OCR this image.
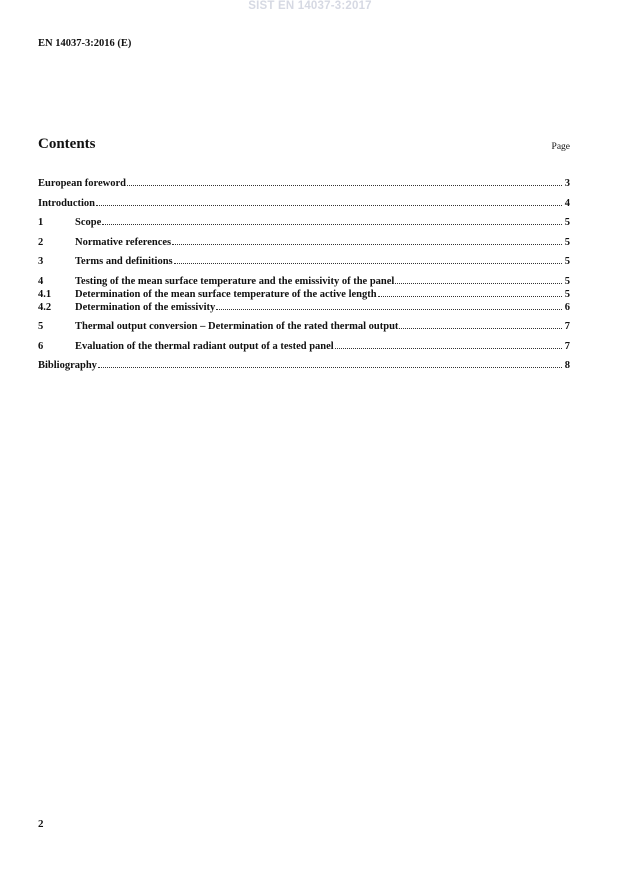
SIST EN 14037-3:2017
EN 14037-3:2016 (E)
Contents	Page
European foreword	3
Introduction	4
1	Scope	5
2	Normative references	5
3	Terms and definitions	5
4	Testing of the mean surface temperature and the emissivity of the panel	5
4.1	Determination of the mean surface temperature of the active length	5
4.2	Determination of the emissivity	6
5	Thermal output conversion – Determination of the rated thermal output	7
6	Evaluation of the thermal radiant output of a tested panel	7
Bibliography	8
2
